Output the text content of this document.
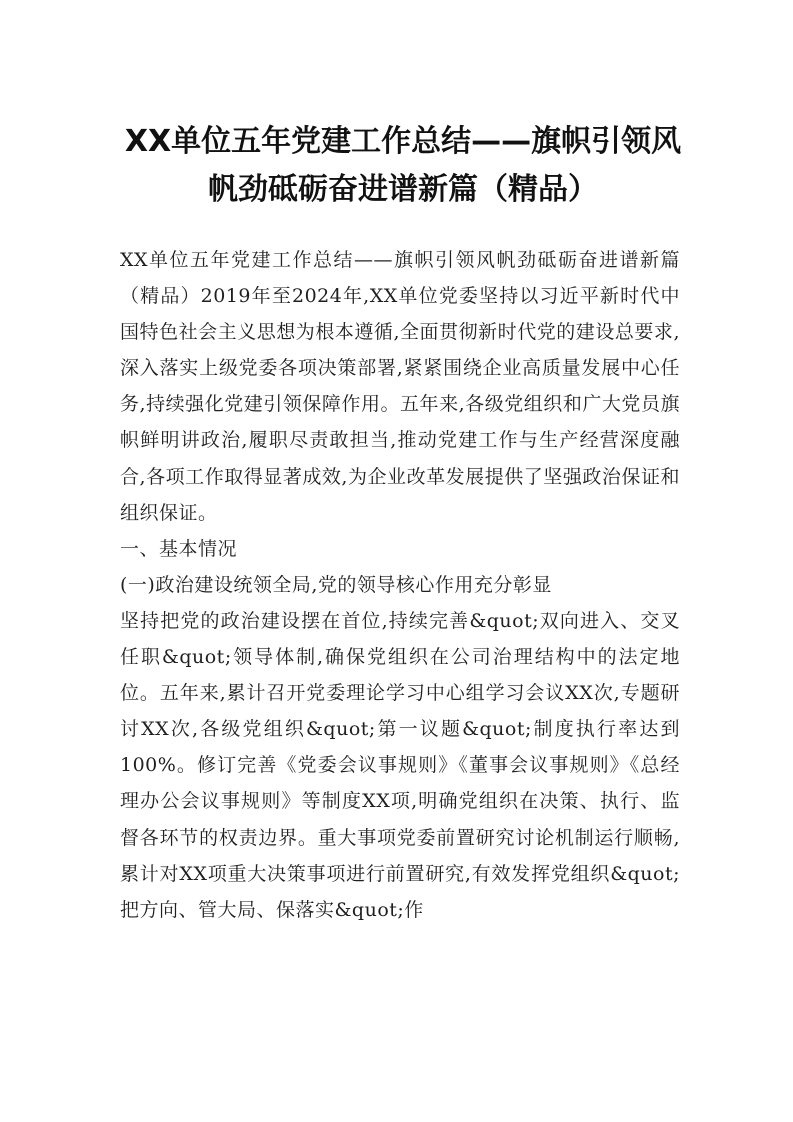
XX单位五年党建工作总结——旗帜引领风
帆劲砥砺奋进谱新篇（精品）

XX单位五年党建工作总结——旗帜引领风帆劲砥砺奋进谱新篇（精品）2019年至2024年,XX单位党委坚持以习近平新时代中国特色社会主义思想为根本遵循,全面贯彻新时代党的建设总要求,深入落实上级党委各项决策部署,紧紧围绕企业高质量发展中心任务,持续强化党建引领保障作用。五年来,各级党组织和广大党员旗帜鲜明讲政治,履职尽责敢担当,推动党建工作与生产经营深度融合,各项工作取得显著成效,为企业改革发展提供了坚强政治保证和组织保证。

一、基本情况

(一)政治建设统领全局,党的领导核心作用充分彰显

坚持把党的政治建设摆在首位,持续完善&quot;双向进入、交叉任职&quot;领导体制,确保党组织在公司治理结构中的法定地位。五年来,累计召开党委理论学习中心组学习会议XX次,专题研讨XX次,各级党组织&quot;第一议题&quot;制度执行率达到100%。修订完善《党委会议事规则》《董事会议事规则》《总经理办公会议事规则》等制度XX项,明确党组织在决策、执行、监督各环节的权责边界。重大事项党委前置研究讨论机制运行顺畅,累计对XX项重大决策事项进行前置研究,有效发挥党组织&quot;把方向、管大局、保落实&quot;作
